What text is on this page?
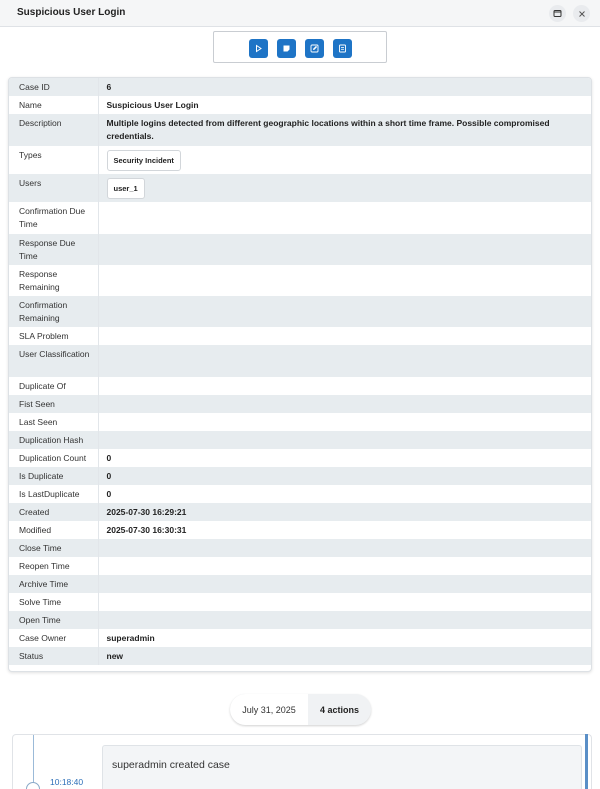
Suspicious User Login
Case ID	6
Name	Suspicious User Login
Description	Multiple logins detected from different geographic locations within a short time frame. Possible compromised credentials.
Types	Security Incident
Users	user_1
Confirmation Due Time	
Response Due Time	
Response Remaining	
Confirmation Remaining	
SLA Problem	
User Classification	
Duplicate Of	
Fist Seen	
Last Seen	
Duplication Hash	
Duplication Count	0
Is Duplicate	0
Is LastDuplicate	0
Created	2025-07-30 16:29:21
Modified	2025-07-30 16:30:31
Close Time	
Reopen Time	
Archive Time	
Solve Time	
Open Time	
Case Owner	superadmin
Status	new
July 31, 2025	4 actions
10:18:40
superadmin created case
